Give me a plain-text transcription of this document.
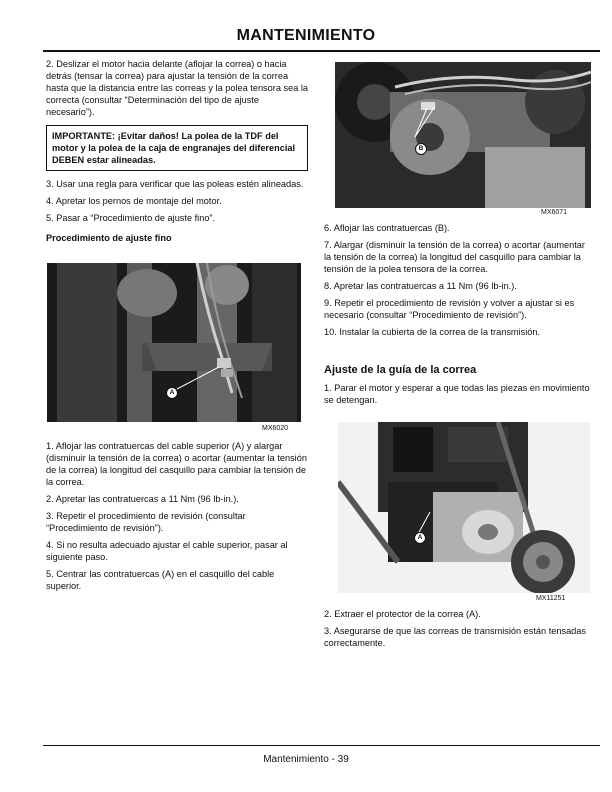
MANTENIMIENTO

2. Deslizar el motor hacia delante (aflojar la correa) o hacia detrás (tensar la correa) para ajustar la tensión de la correa hasta que la distancia entre las correas y la polea tensora sea la correcta (consultar “Determinación del tipo de ajuste necesario”).

IMPORTANTE: ¡Evitar daños! La polea de la TDF del motor y la polea de la caja de engranajes del diferencial DEBEN estar alineadas.

3. Usar una regla para verificar que las poleas estén alineadas.

4. Apretar los pernos de montaje del motor.

5. Pasar a “Procedimiento de ajuste fino”.

Procedimiento de ajuste fino

A
MX6020

1. Aflojar las contratuercas del cable superior (A) y alargar (disminuir la tensión de la correa) o acortar (aumentar la tensión de la correa) la longitud del casquillo para cambiar la tensión de la correa.

2. Apretar las contratuercas a 11 Nm (96 lb-in.).

3. Repetir el procedimiento de revisión (consultar “Procedimiento de revisión”).

4. Si no resulta adecuado ajustar el cable superior, pasar al siguiente paso.

5. Centrar las contratuercas (A) en el casquillo del cable superior.

B
MX6071

6. Aflojar las contratuercas (B).

7. Alargar (disminuir la tensión de la correa) o acortar (aumentar la tensión de la correa) la longitud del casquillo para cambiar la tensión de la polea tensora de la correa.

8. Apretar las contratuercas a 11 Nm (96 lb-in.).

9. Repetir el procedimiento de revisión y volver a ajustar si es necesario (consultar “Procedimiento de revisión”).

10. Instalar la cubierta de la correa de la transmisión.

Ajuste de la guía de la correa

1. Parar el motor y esperar a que todas las piezas en movimiento se detengan.

A
MX11251

2. Extraer el protector de la correa (A).

3. Asegurarse de que las correas de transmisión están tensadas correctamente.

Mantenimiento - 39
